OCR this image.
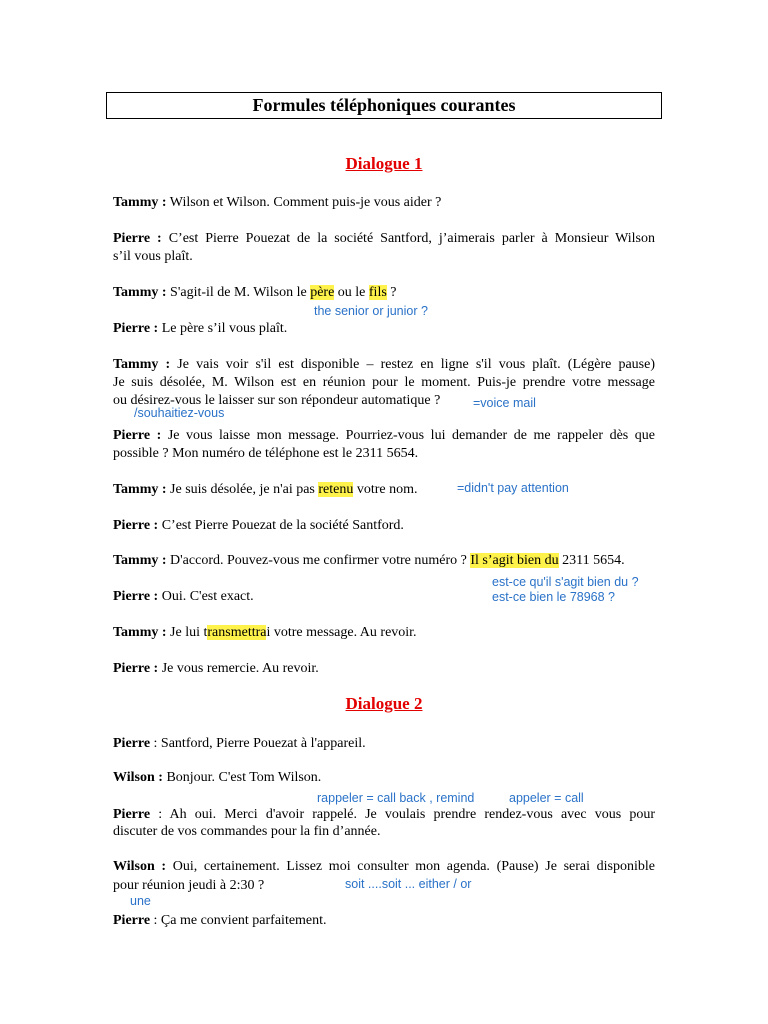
Formules téléphoniques courantes
Dialogue 1
Tammy : Wilson et Wilson. Comment puis-je vous aider ?
Pierre : C’est Pierre Pouezat de la société Santford, j’aimerais parler à Monsieur Wilson
s’il vous plaît.
Tammy : S'agit-il de M. Wilson le père ou le fils ?
the senior or junior ?
Pierre : Le père s’il vous plaît.
Tammy : Je vais voir s'il est disponible – restez en ligne s'il vous plaît. (Légère pause)
Je suis désolée, M. Wilson est en réunion pour le moment. Puis-je prendre votre message
ou désirez-vous le laisser sur son répondeur automatique ?	=voice mail
/souhaitiez-vous
Pierre : Je vous laisse mon message. Pourriez-vous lui demander de me rappeler dès que
possible ? Mon numéro de téléphone est le 2311 5654.
Tammy : Je suis désolée, je n'ai pas retenu votre nom.	=didn't pay attention
Pierre : C’est Pierre Pouezat de la société Santford.
Tammy : D'accord. Pouvez-vous me confirmer votre numéro ? Il s’agit bien du 2311 5654.
est-ce qu'il s'agit bien du ?
est-ce bien le 78968 ?
Pierre : Oui. C'est exact.
Tammy : Je lui transmettrai votre message. Au revoir.
Pierre : Je vous remercie. Au revoir.
Dialogue 2
Pierre : Santford, Pierre Pouezat à l'appareil.
Wilson : Bonjour. C'est Tom Wilson.
rappeler = call back , remind	appeler = call
Pierre : Ah oui. Merci d'avoir rappelé. Je voulais prendre rendez-vous avec vous pour
discuter de vos commandes pour la fin d’année.
Wilson : Oui, certainement. Lissez moi consulter mon agenda. (Pause) Je serai disponible
pour réunion jeudi à 2:30 ?	soit ....soit ... either / or
une
Pierre : Ça me convient parfaitement.
